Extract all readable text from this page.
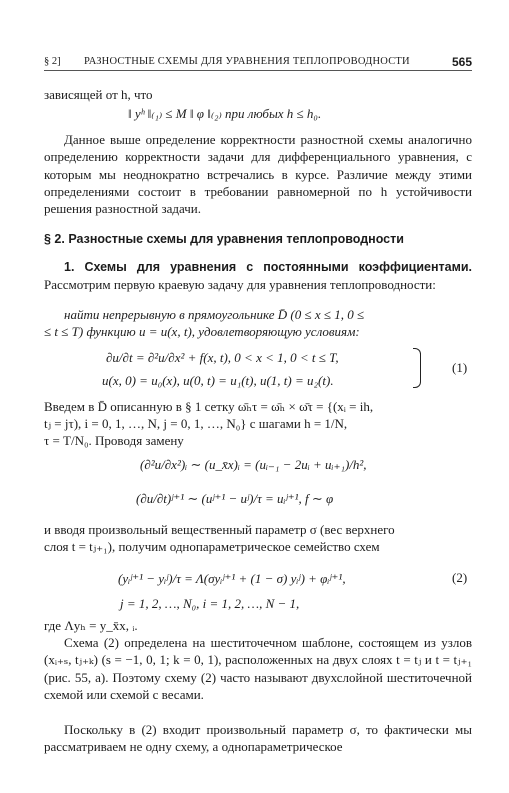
§ 2] РАЗНОСТНЫЕ СХЕМЫ ДЛЯ УРАВНЕНИЯ ТЕПЛОПРОВОДНОСТИ	565
зависящей от h, что
‖ yʰ ‖₍₁₎ ≤ M ‖ φ ‖₍₂₎ при любых h ≤ h₀.
Данное выше определение корректности разностной схемы аналогично определению корректности задачи для дифференциального уравнения, с которым мы неоднократно встречались в курсе. Различие между этими определениями состоит в требовании равномерной по h устойчивости решения разностной задачи.
§ 2. Разностные схемы для уравнения теплопроводности
1. Схемы для уравнения с постоянными коэффициентами. Рассмотрим первую краевую задачу для уравнения теплопроводности:
найти непрерывную в прямоугольнике D̄ (0 ≤ x ≤ 1, 0 ≤
≤ t ≤ T) функцию u = u(x, t), удовлетворяющую условиям:
∂u/∂t = ∂²u/∂x² + f(x, t), 0 < x < 1, 0 < t ≤ T,
u(x, 0) = u₀(x), u(0, t) = u₁(t), u(1, t) = u₂(t).
(1)
Введем в D̄ описанную в § 1 сетку ω̄ₕτ = ω̄ₕ × ω̄τ = {(xᵢ = ih,
tⱼ = jτ), i = 0, 1, …, N, j = 0, 1, …, N₀} с шагами h = 1/N,
τ = T/N₀. Проводя замену
(∂²u/∂x²)ᵢ ∼ (u_x̄x)ᵢ = (uᵢ₋₁ − 2uᵢ + uᵢ₊₁)/h²,
(∂u/∂t)ʲ⁺¹ ∼ (uʲ⁺¹ − uʲ)/τ = uᵢʲ⁺¹, f ∼ φ
и вводя произвольный вещественный параметр σ (вес верхнего
слоя t = tⱼ₊₁), получим однопараметрическое семейство схем
(yᵢʲ⁺¹ − yᵢʲ)/τ = Λ(σyᵢʲ⁺¹ + (1 − σ) yᵢʲ) + φᵢʲ⁺¹,	(2)
j = 1, 2, …, N₀, i = 1, 2, …, N − 1,
где Λyₕ = y_x̄x, ᵢ.
Схема (2) определена на шеститочечном шаблоне, состоящем из узлов (xᵢ₊ₛ, tⱼ₊ₖ) (s = −1, 0, 1; k = 0, 1), расположенных на двух слоях t = tⱼ и t = tⱼ₊₁ (рис. 55, а). Поэтому схему (2) часто называют двухслойной шеститочечной схемой или схемой с весами.
Поскольку в (2) входит произвольный параметр σ, то фактически мы рассматриваем не одну схему, а однопараметрическое
